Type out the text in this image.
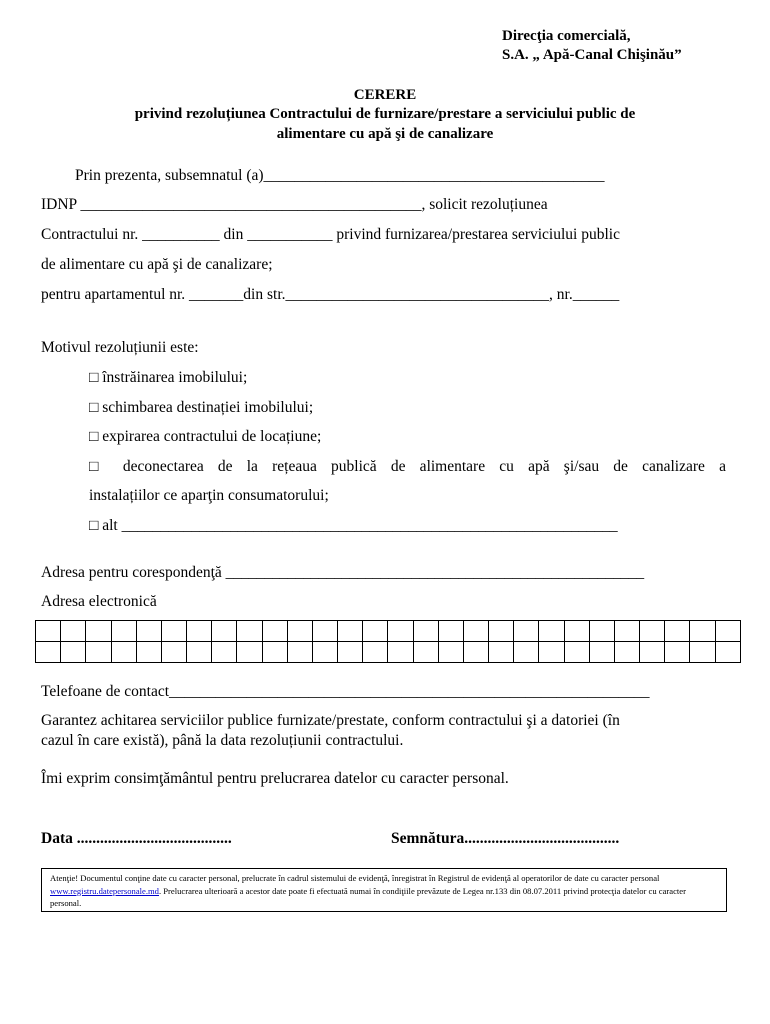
Direcţia comercială,
S.A. „ Apă-Canal Chişinău”
CERERE
privind rezoluțiunea Contractului de furnizare/prestare a serviciului public de
alimentare cu apă şi de canalizare
Prin prezenta, subsemnatul (a)____________________________________________
IDNP ____________________________________________, solicit rezoluțiunea
Contractului nr. __________ din ___________ privind furnizarea/prestarea serviciului public
de alimentare cu apă şi de canalizare;
pentru apartamentul nr. _______din str.__________________________________, nr.______
Motivul rezoluțiunii este:
□ înstrăinarea imobilului;
□ schimbarea destinației imobilului;
□ expirarea contractului de locațiune;
□ deconectarea de la rețeaua publică de alimentare cu apă şi/sau de canalizare a
instalațiilor ce aparţin consumatorului;
□ alt ________________________________________________________________
Adresa pentru corespondenţă ______________________________________________________
Adresa electronică

Telefoane de contact______________________________________________________________
Garantez achitarea serviciilor publice furnizate/prestate, conform contractului şi a datoriei (în
cazul în care există), până la data rezoluțiunii contractului.
Îmi exprim consimţământul pentru prelucrarea datelor cu caracter personal.
Data ........................................	Semnătura........................................
Atenţie! Documentul conţine date cu caracter personal, prelucrate în cadrul sistemului de evidenţă, înregistrat în Registrul de evidenţă al operatorilor de date cu caracter personal www.registru.datepersonale.md. Prelucrarea ulterioară a acestor date poate fi efectuată numai în condiţiile prevăzute de Legea nr.133 din 08.07.2011 privind protecţia datelor cu caracter personal.
